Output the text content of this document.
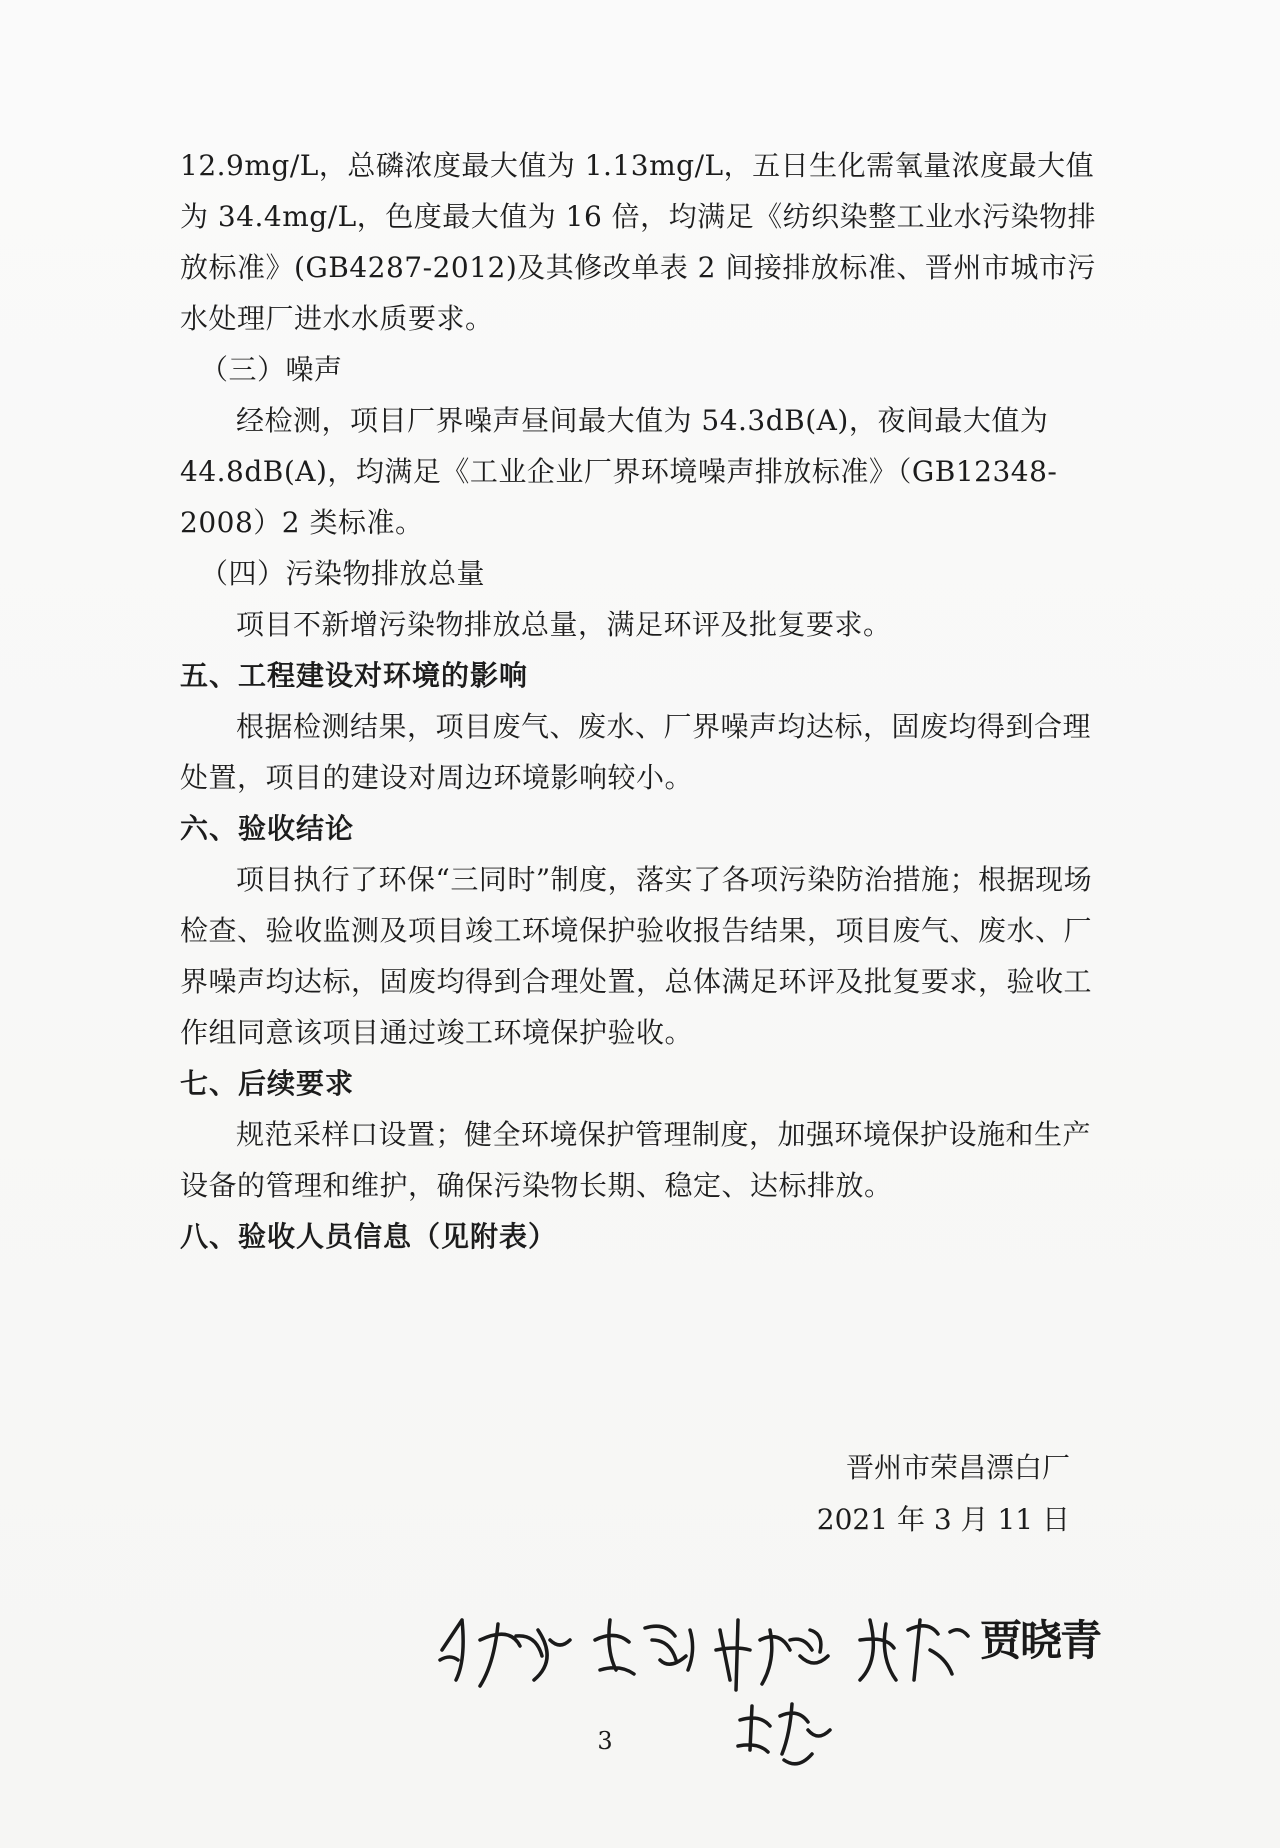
12.9mg/L，总磷浓度最大值为 1.13mg/L，五日生化需氧量浓度最大值为 34.4mg/L，色度最大值为 16 倍，均满足《纺织染整工业水污染物排放标准》(GB4287-2012)及其修改单表 2 间接排放标准、晋州市城市污水处理厂进水水质要求。

（三）噪声

经检测，项目厂界噪声昼间最大值为 54.3dB(A)，夜间最大值为 44.8dB(A)，均满足《工业企业厂界环境噪声排放标准》（GB12348-2008）2 类标准。

（四）污染物排放总量

项目不新增污染物排放总量，满足环评及批复要求。

五、工程建设对环境的影响

根据检测结果，项目废气、废水、厂界噪声均达标，固废均得到合理处置，项目的建设对周边环境影响较小。

六、验收结论

项目执行了环保“三同时”制度，落实了各项污染防治措施；根据现场检查、验收监测及项目竣工环境保护验收报告结果，项目废气、废水、厂界噪声均达标，固废均得到合理处置，总体满足环评及批复要求，验收工作组同意该项目通过竣工环境保护验收。

七、后续要求

规范采样口设置；健全环境保护管理制度，加强环境保护设施和生产设备的管理和维护，确保污染物长期、稳定、达标排放。

八、验收人员信息（见附表）

晋州市荣昌漂白厂
2021 年 3 月 11 日
贾晓青
3
